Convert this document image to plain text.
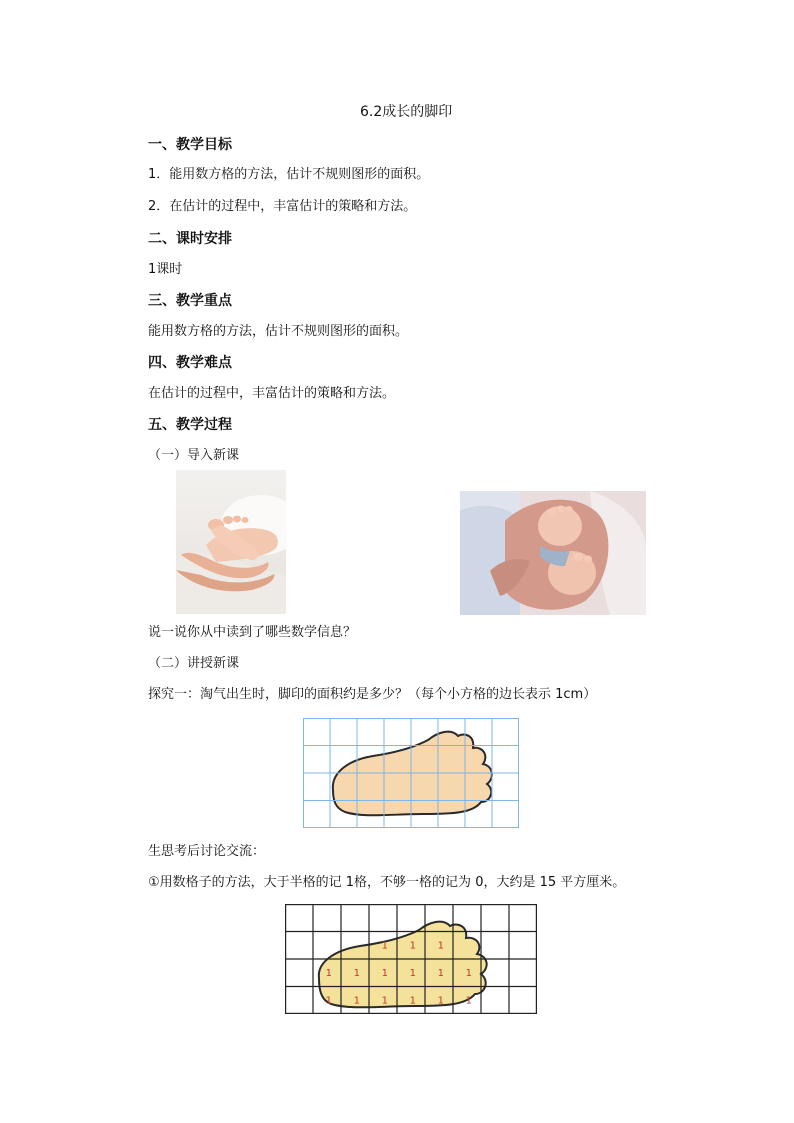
6.2成长的脚印
一、教学目标
1．能用数方格的方法，估计不规则图形的面积。
2．在估计的过程中，丰富估计的策略和方法。
二、课时安排
1课时
三、教学重点
能用数方格的方法，估计不规则图形的面积。
四、教学难点
在估计的过程中，丰富估计的策略和方法。
五、教学过程
（一）导入新课
说一说你从中读到了哪些数学信息？
（二）讲授新课
探究一：淘气出生时，脚印的面积约是多少？（每个小方格的边长表示 1cm）
生思考后讨论交流：
①用数格子的方法，大于半格的记 1格，不够一格的记为 0，大约是 15 平方厘米。
1 1 1
1 1 1 1 1 1
1 1 1	1 1
1
